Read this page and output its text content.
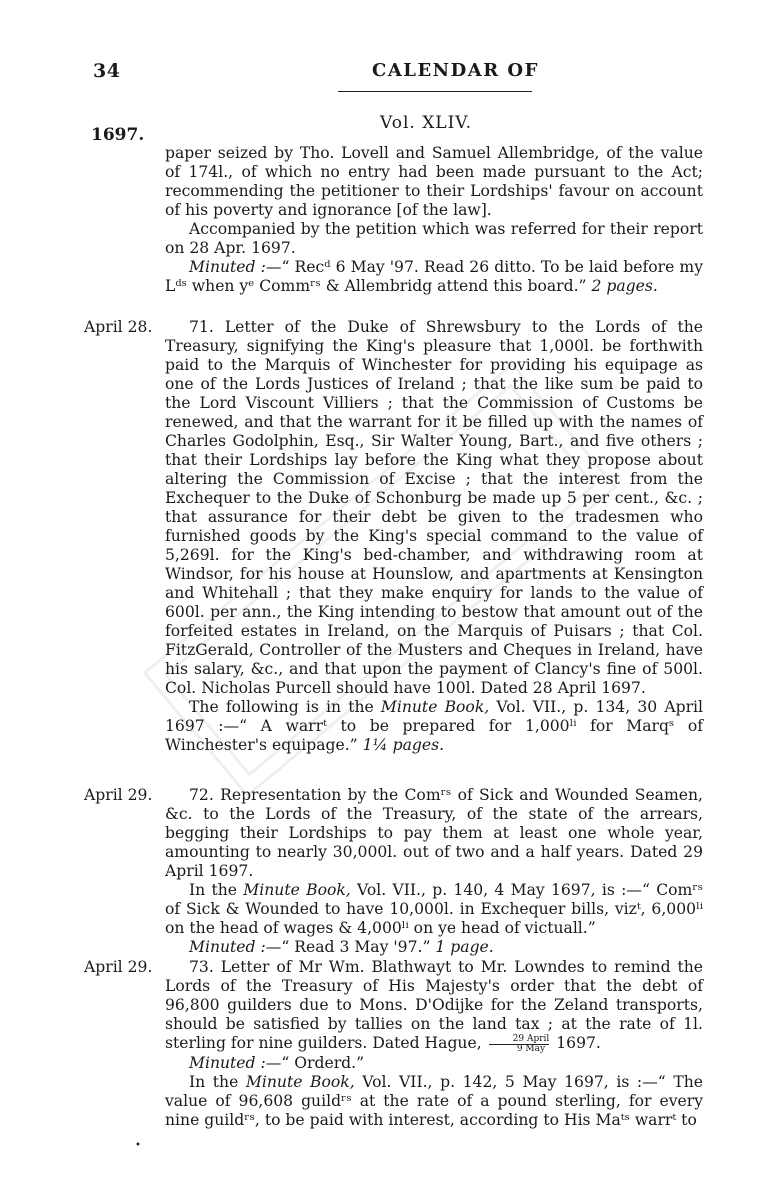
34	CALENDAR OF
Vol. XLIV.
1697.

paper seized by Tho. Lovell and Samuel Allembridge, of the value of 174l., of which no entry had been made pursuant to the Act; recommending the petitioner to their Lordships' favour on account of his poverty and ignorance [of the law].

Accompanied by the petition which was referred for their report on 28 Apr. 1697.

Minuted :—“ Recᵈ 6 May '97. Read 26 ditto. To be laid before my Lᵈˢ when yᵉ Commʳˢ & Allembridg attend this board.” 2 pages.

April 28.	71. Letter of the Duke of Shrewsbury to the Lords of the Treasury, signifying the King's pleasure that 1,000l. be forthwith paid to the Marquis of Winchester for providing his equipage as one of the Lords Justices of Ireland ; that the like sum be paid to the Lord Viscount Villiers ; that the Commission of Customs be renewed, and that the warrant for it be filled up with the names of Charles Godolphin, Esq., Sir Walter Young, Bart., and five others ; that their Lordships lay before the King what they propose about altering the Commission of Excise ; that the interest from the Exchequer to the Duke of Schonburg be made up 5 per cent., &c. ; that assurance for their debt be given to the tradesmen who furnished goods by the King's special command to the value of 5,269l. for the King's bed-chamber, and withdrawing room at Windsor, for his house at Hounslow, and apartments at Kensington and Whitehall ; that they make enquiry for lands to the value of 600l. per ann., the King intending to bestow that amount out of the forfeited estates in Ireland, on the Marquis of Puisars ; that Col. FitzGerald, Controller of the Musters and Cheques in Ireland, have his salary, &c., and that upon the payment of Clancy's fine of 500l. Col. Nicholas Purcell should have 100l. Dated 28 April 1697.

The following is in the Minute Book, Vol. VII., p. 134, 30 April 1697 :—“ A warrᵗ to be prepared for 1,000ˡⁱ for Marqˢ of Winchester's equipage.” 1¼ pages.

April 29.	72. Representation by the Comʳˢ of Sick and Wounded Seamen, &c. to the Lords of the Treasury, of the state of the arrears, begging their Lordships to pay them at least one whole year, amounting to nearly 30,000l. out of two and a half years. Dated 29 April 1697.

In the Minute Book, Vol. VII., p. 140, 4 May 1697, is :—“ Comʳˢ of Sick & Wounded to have 10,000l. in Exchequer bills, vizᵗ, 6,000ˡⁱ on the head of wages & 4,000ˡⁱ on ye head of victuall.”

Minuted :—“ Read 3 May '97.” 1 page.

April 29.	73. Letter of Mr Wm. Blathwayt to Mr. Lowndes to remind the Lords of the Treasury of His Majesty's order that the debt of 96,800 guilders due to Mons. D'Odijke for the Zeland transports, should be satisfied by tallies on the land tax ; at the rate of 1l. sterling for nine guilders. Dated Hague,	29 April
9 May 1697.

Minuted :—“ Orderd.”

In the Minute Book, Vol. VII., p. 142, 5 May 1697, is :—“ The value of 96,608 guildʳˢ at the rate of a pound sterling, for every nine guildʳˢ, to be paid with interest, according to His Maᵗˢ warrᵗ to

•
